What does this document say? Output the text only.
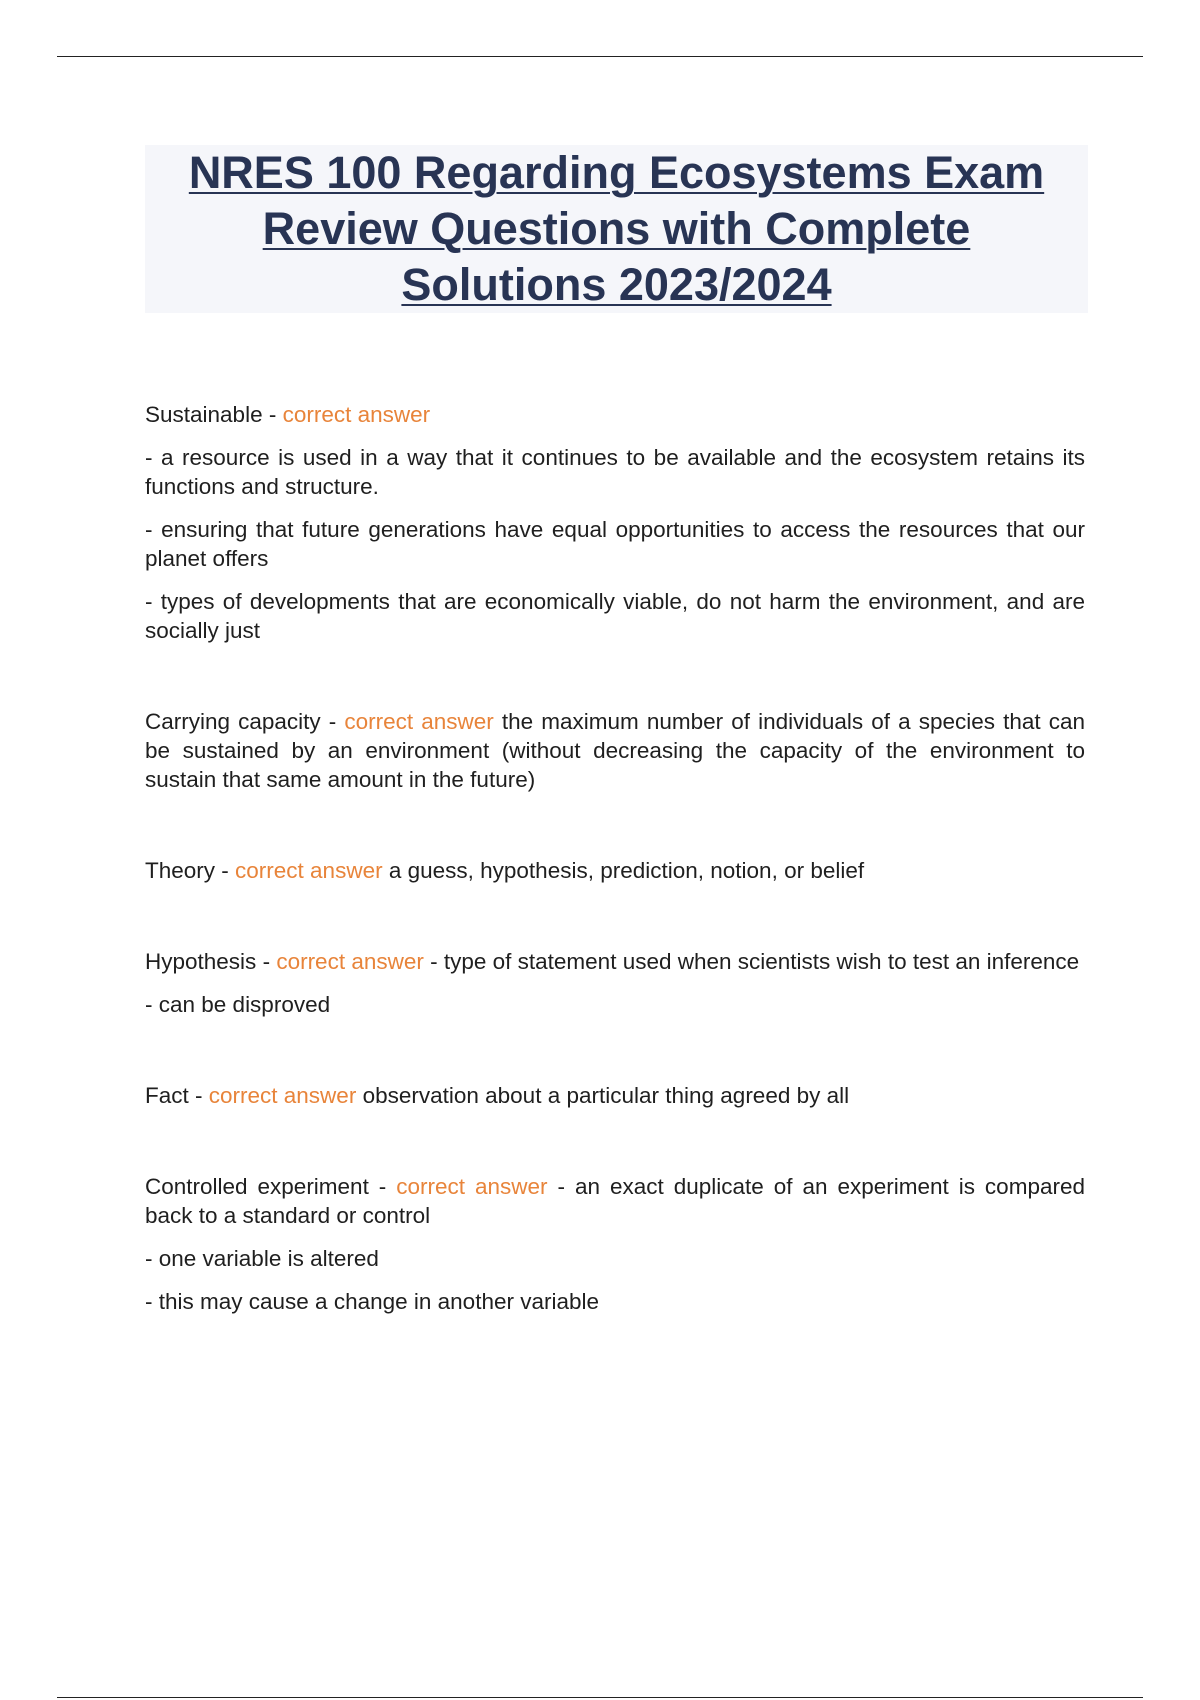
NRES 100 Regarding Ecosystems Exam
Review Questions with Complete
Solutions 2023/2024

Sustainable - correct answer

- a resource is used in a way that it continues to be available and the ecosystem retains its functions and structure.

- ensuring that future generations have equal opportunities to access the resources that our planet offers

- types of developments that are economically viable, do not harm the environment, and are socially just

Carrying capacity - correct answer the maximum number of individuals of a species that can be sustained by an environment (without decreasing the capacity of the environment to sustain that same amount in the future)

Theory - correct answer a guess, hypothesis, prediction, notion, or belief

Hypothesis - correct answer - type of statement used when scientists wish to test an inference

- can be disproved

Fact - correct answer observation about a particular thing agreed by all

Controlled experiment - correct answer - an exact duplicate of an experiment is compared back to a standard or control

- one variable is altered

- this may cause a change in another variable
